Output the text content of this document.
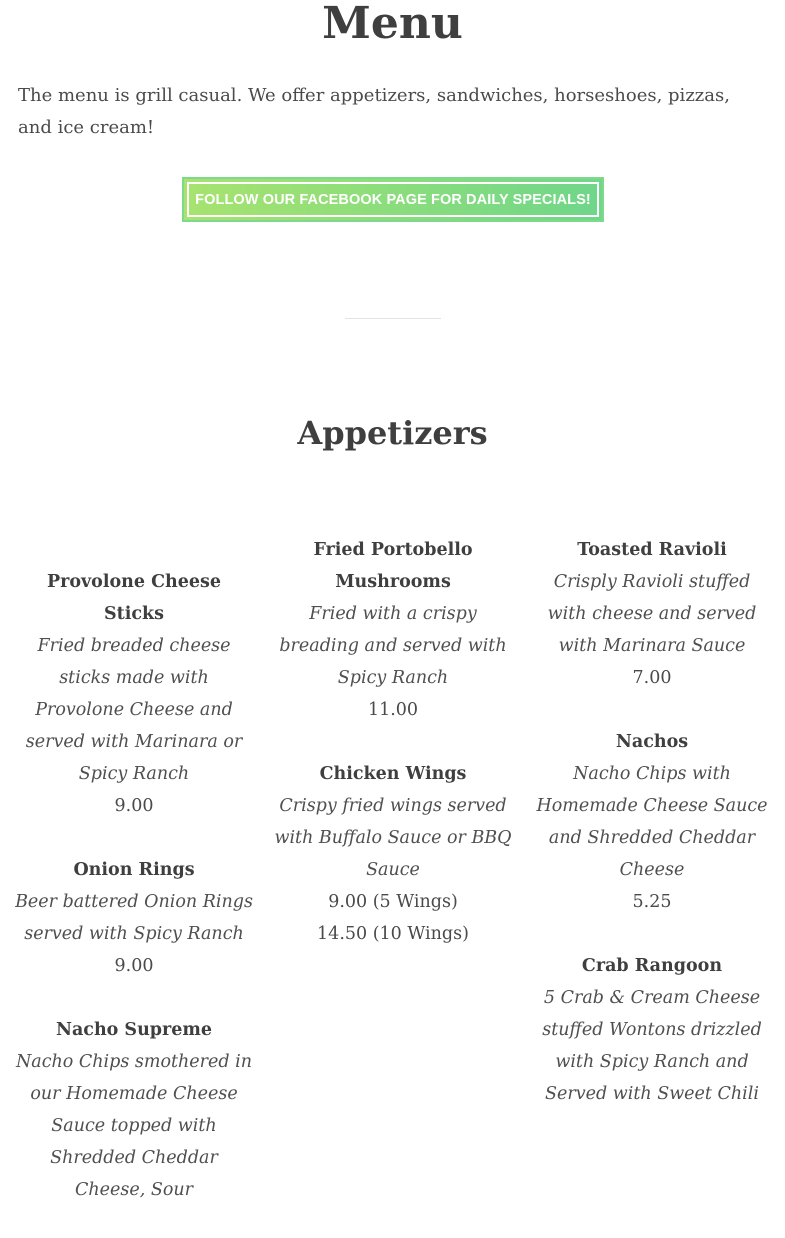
Menu

The menu is grill casual. We offer appetizers, sandwiches, horseshoes, pizzas, and ice cream!

FOLLOW OUR FACEBOOK PAGE FOR DAILY SPECIALS!
Appetizers
Provolone Cheese Sticks
Fried breaded cheese sticks made with Provolone Cheese and served with Marinara or Spicy Ranch
9.00
Onion Rings
Beer battered Onion Rings served with Spicy Ranch
9.00
Nacho Supreme
Nacho Chips smothered in our Homemade Cheese Sauce topped with Shredded Cheddar Cheese, Sour
Fried Portobello Mushrooms
Fried with a crispy breading and served with Spicy Ranch
11.00
Chicken Wings
Crispy fried wings served with Buffalo Sauce or BBQ Sauce
9.00 (5 Wings)
14.50 (10 Wings)
Toasted Ravioli
Crisply Ravioli stuffed with cheese and served with Marinara Sauce
7.00
Nachos
Nacho Chips with Homemade Cheese Sauce and Shredded Cheddar Cheese
5.25
Crab Rangoon
5 Crab & Cream Cheese stuffed Wontons drizzled with Spicy Ranch and Served with Sweet Chili
